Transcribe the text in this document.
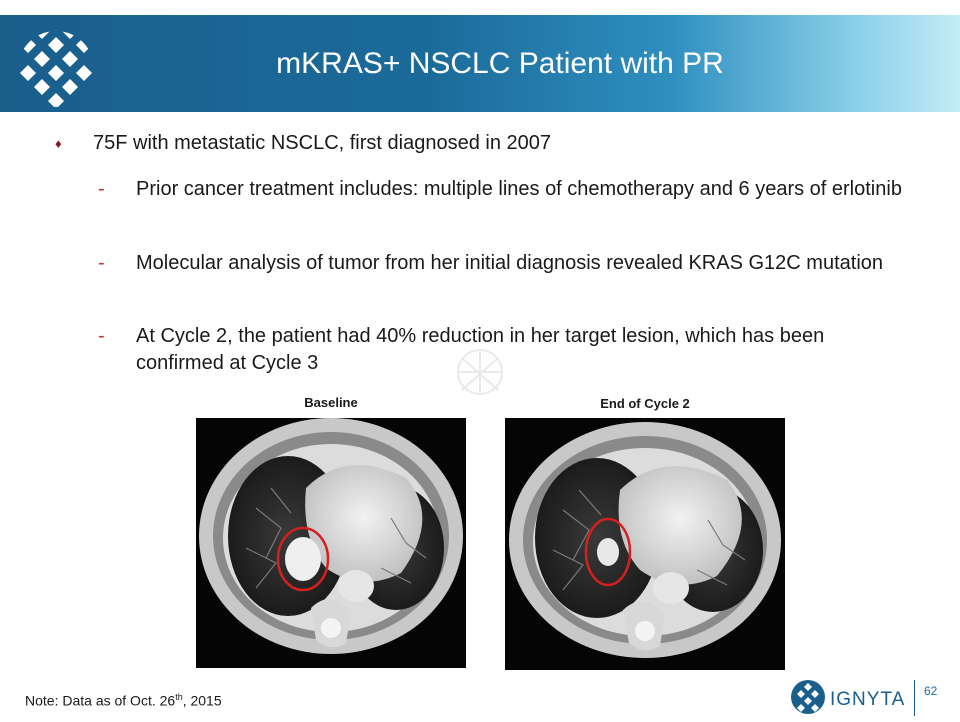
mKRAS+ NSCLC Patient with PR
♦ 75F with metastatic NSCLC, first diagnosed in 2007
- Prior cancer treatment includes: multiple lines of chemotherapy and 6 years of erlotinib
- Molecular analysis of tumor from her initial diagnosis revealed KRAS G12C mutation
- At Cycle 2, the patient had 40% reduction in her target lesion, which has been confirmed at Cycle 3
Baseline	End of Cycle 2
Note: Data as of Oct. 26th, 2015	IGNYTA 62
